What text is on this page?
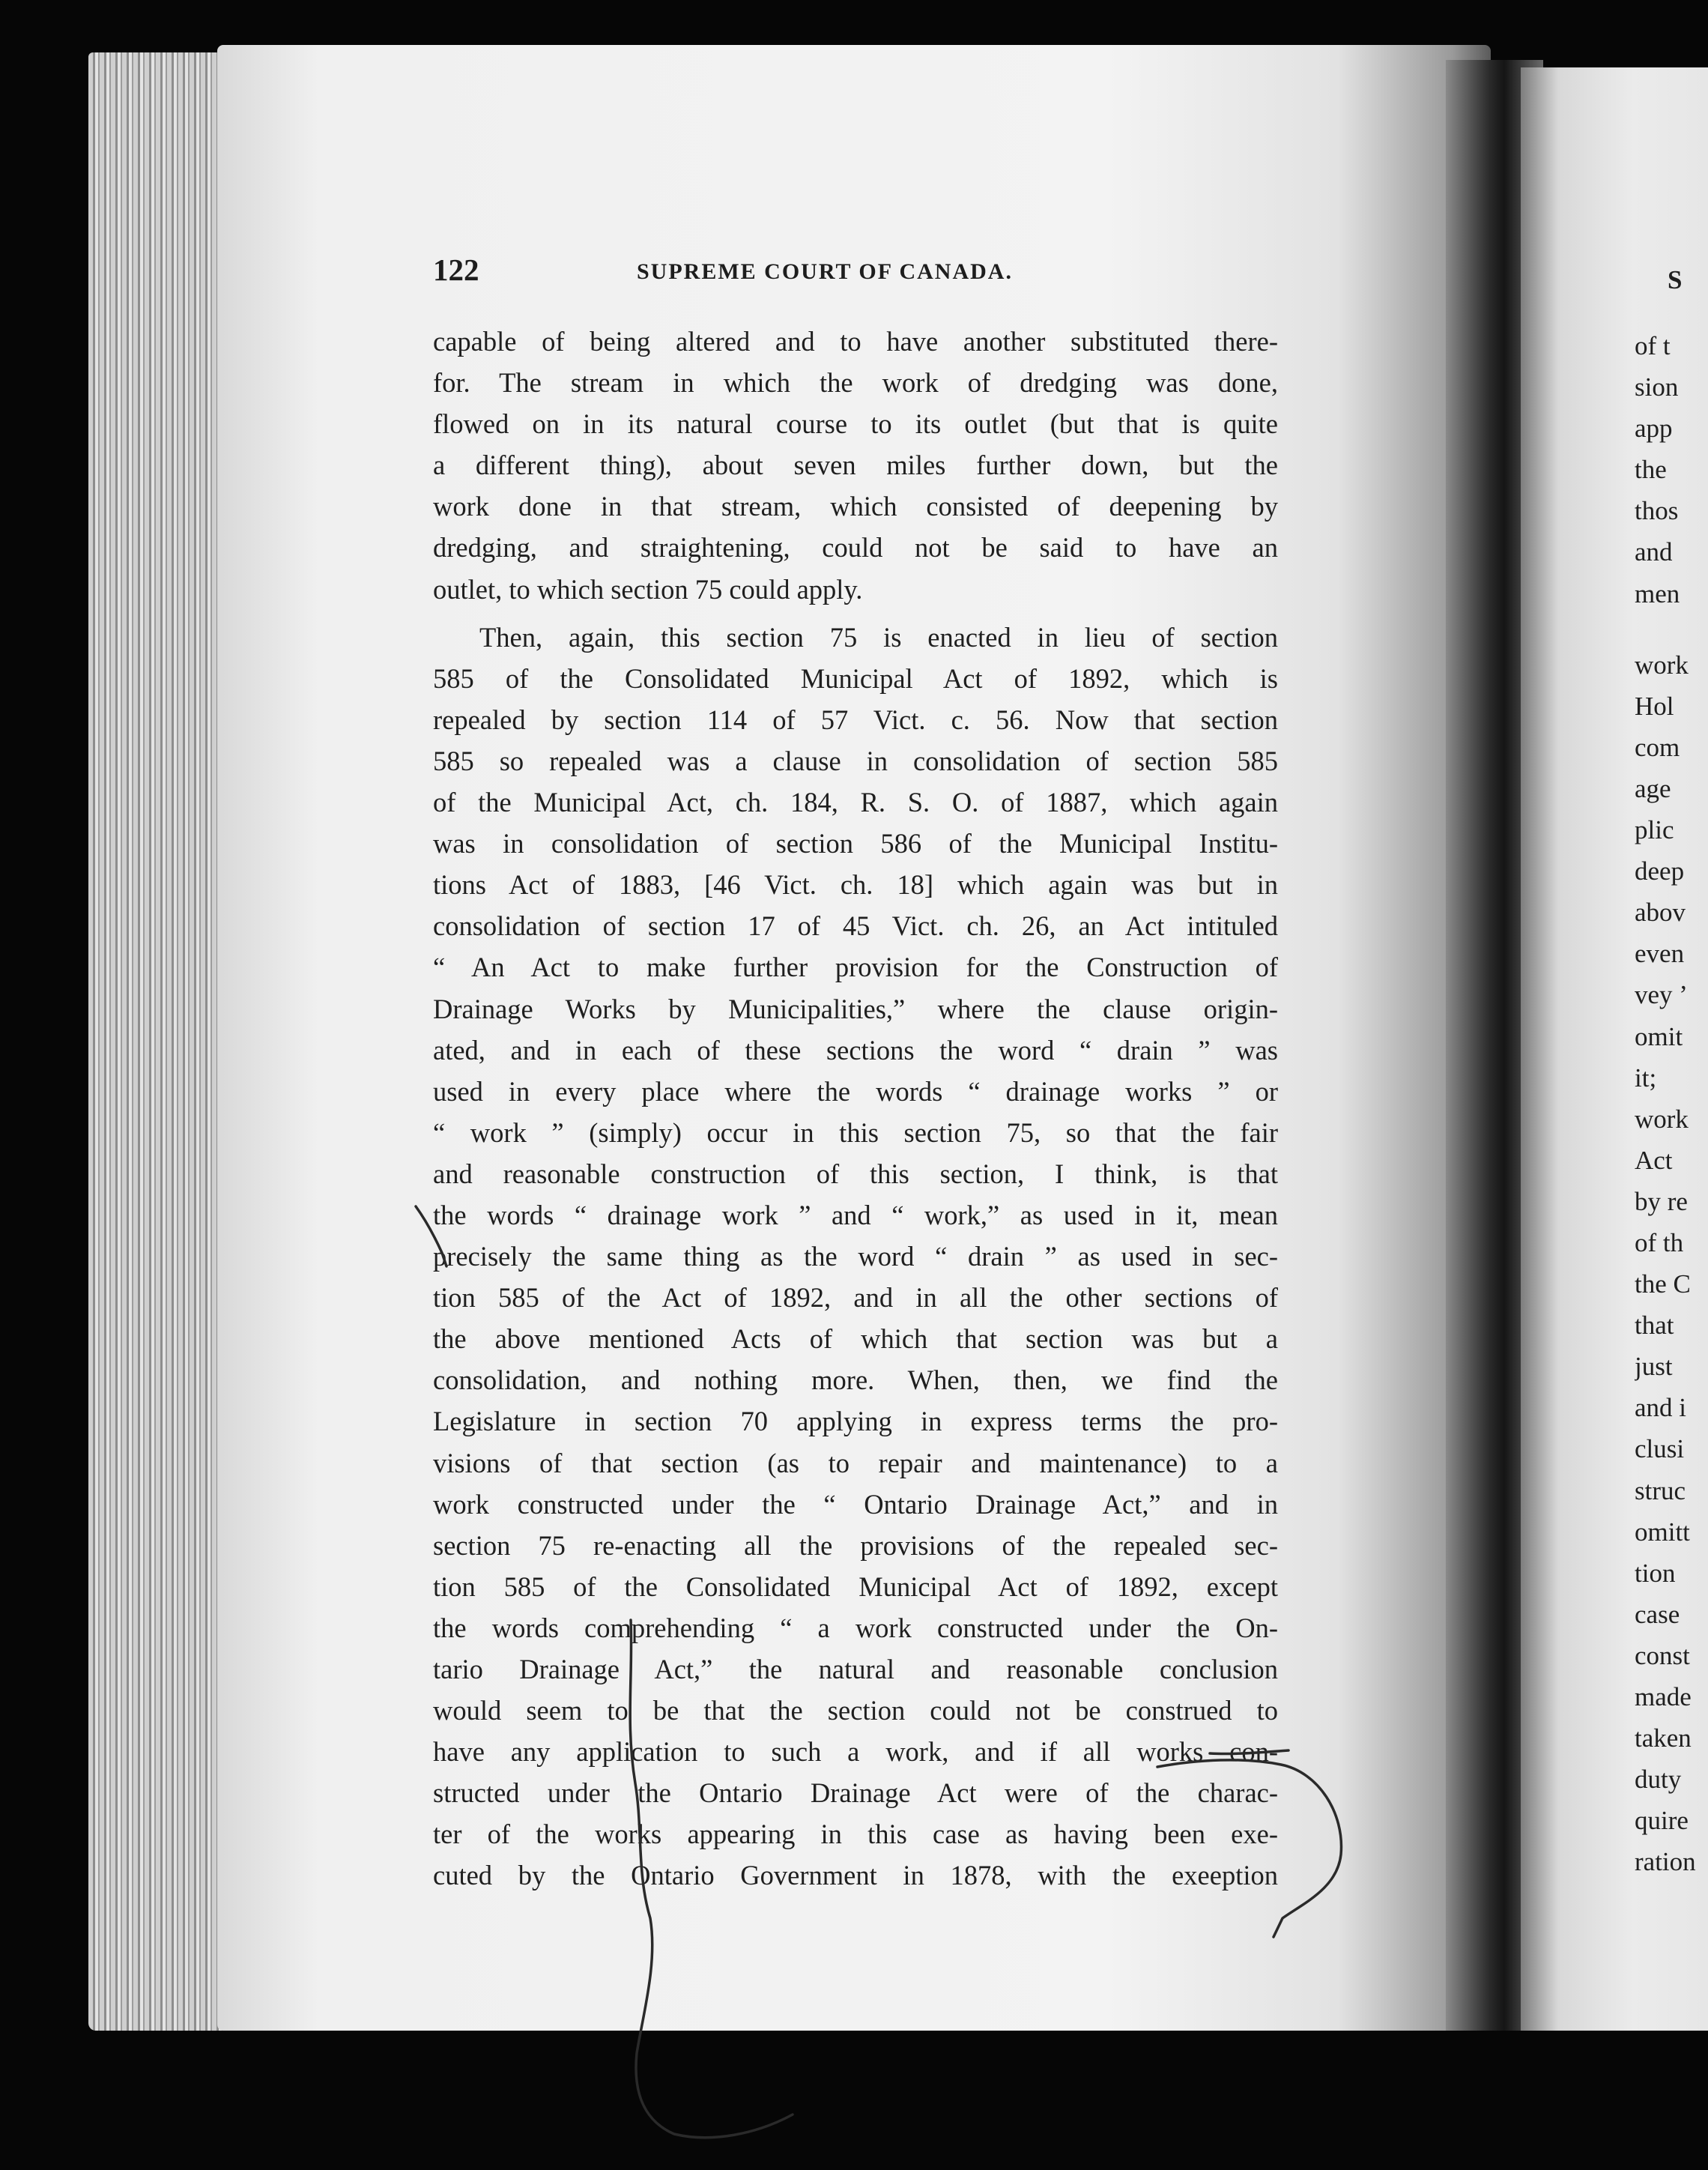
122	SUPREME COURT OF CANADA.
capable of being altered and to have another substituted there-
for. The stream in which the work of dredging was done,
flowed on in its natural course to its outlet (but that is quite
a different thing), about seven miles further down, but the
work done in that stream, which consisted of deepening by
dredging, and straightening, could not be said to have an
outlet, to which section 75 could apply.
Then, again, this section 75 is enacted in lieu of section
585 of the Consolidated Municipal Act of 1892, which is
repealed by section 114 of 57 Vict. c. 56. Now that section
585 so repealed was a clause in consolidation of section 585
of the Municipal Act, ch. 184, R. S. O. of 1887, which again
was in consolidation of section 586 of the Municipal Institu-
tions Act of 1883, [46 Vict. ch. 18] which again was but in
consolidation of section 17 of 45 Vict. ch. 26, an Act intituled
“ An Act to make further provision for the Construction of
Drainage Works by Municipalities,” where the clause origin-
ated, and in each of these sections the word “ drain ” was
used in every place where the words “ drainage works ” or
“ work ” (simply) occur in this section 75, so that the fair
and reasonable construction of this section, I think, is that
the words “ drainage work ” and “ work,” as used in it, mean
precisely the same thing as the word “ drain ” as used in sec-
tion 585 of the Act of 1892, and in all the other sections of
the above mentioned Acts of which that section was but a
consolidation, and nothing more. When, then, we find the
Legislature in section 70 applying in express terms the pro-
visions of that section (as to repair and maintenance) to a
work constructed under the “ Ontario Drainage Act,” and in
section 75 re-enacting all the provisions of the repealed sec-
tion 585 of the Consolidated Municipal Act of 1892, except
the words comprehending “ a work constructed under the On-
tario Drainage Act,” the natural and reasonable conclusion
would seem to be that the section could not be construed to
have any application to such a work, and if all works con-
structed under the Ontario Drainage Act were of the charac-
ter of the works appearing in this case as having been exe-
cuted by the Ontario Government in 1878, with the exeeption
S
of t
sion
app
the
thos
and
men
work
Hol
com
age
plic
deep
abov
even
vey ’
omit
it;
work
Act
by re
of th
the C
that
just
and i
clusi
struc
omitt
tion
case
const
made
taken
duty
quire
ration
